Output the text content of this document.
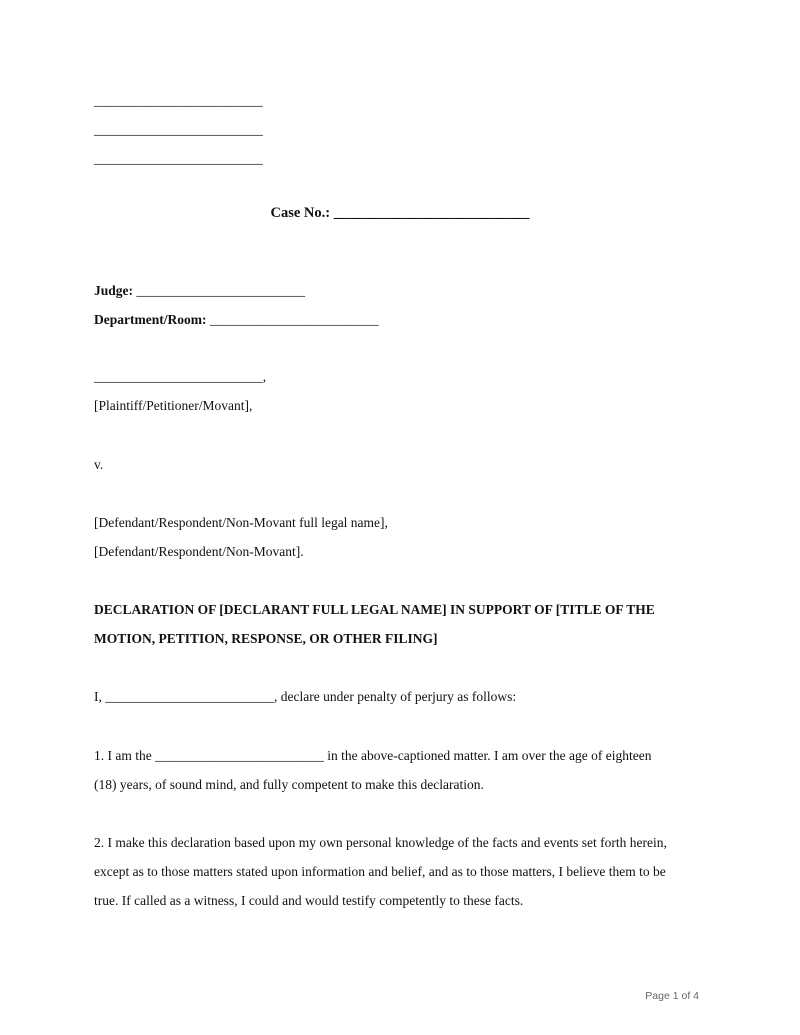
_________________________
_________________________
_________________________
Case No.: ___________________________
Judge: _________________________
Department/Room: _________________________
_________________________,
[Plaintiff/Petitioner/Movant],
v.
[Defendant/Respondent/Non-Movant full legal name],
[Defendant/Respondent/Non-Movant].
DECLARATION OF [DECLARANT FULL LEGAL NAME] IN SUPPORT OF [TITLE OF THE
MOTION, PETITION, RESPONSE, OR OTHER FILING]
I, _________________________, declare under penalty of perjury as follows:
1. I am the _________________________ in the above-captioned matter. I am over the age of eighteen
(18) years, of sound mind, and fully competent to make this declaration.
2. I make this declaration based upon my own personal knowledge of the facts and events set forth herein,
except as to those matters stated upon information and belief, and as to those matters, I believe them to be
true. If called as a witness, I could and would testify competently to these facts.
Page 1 of 4
